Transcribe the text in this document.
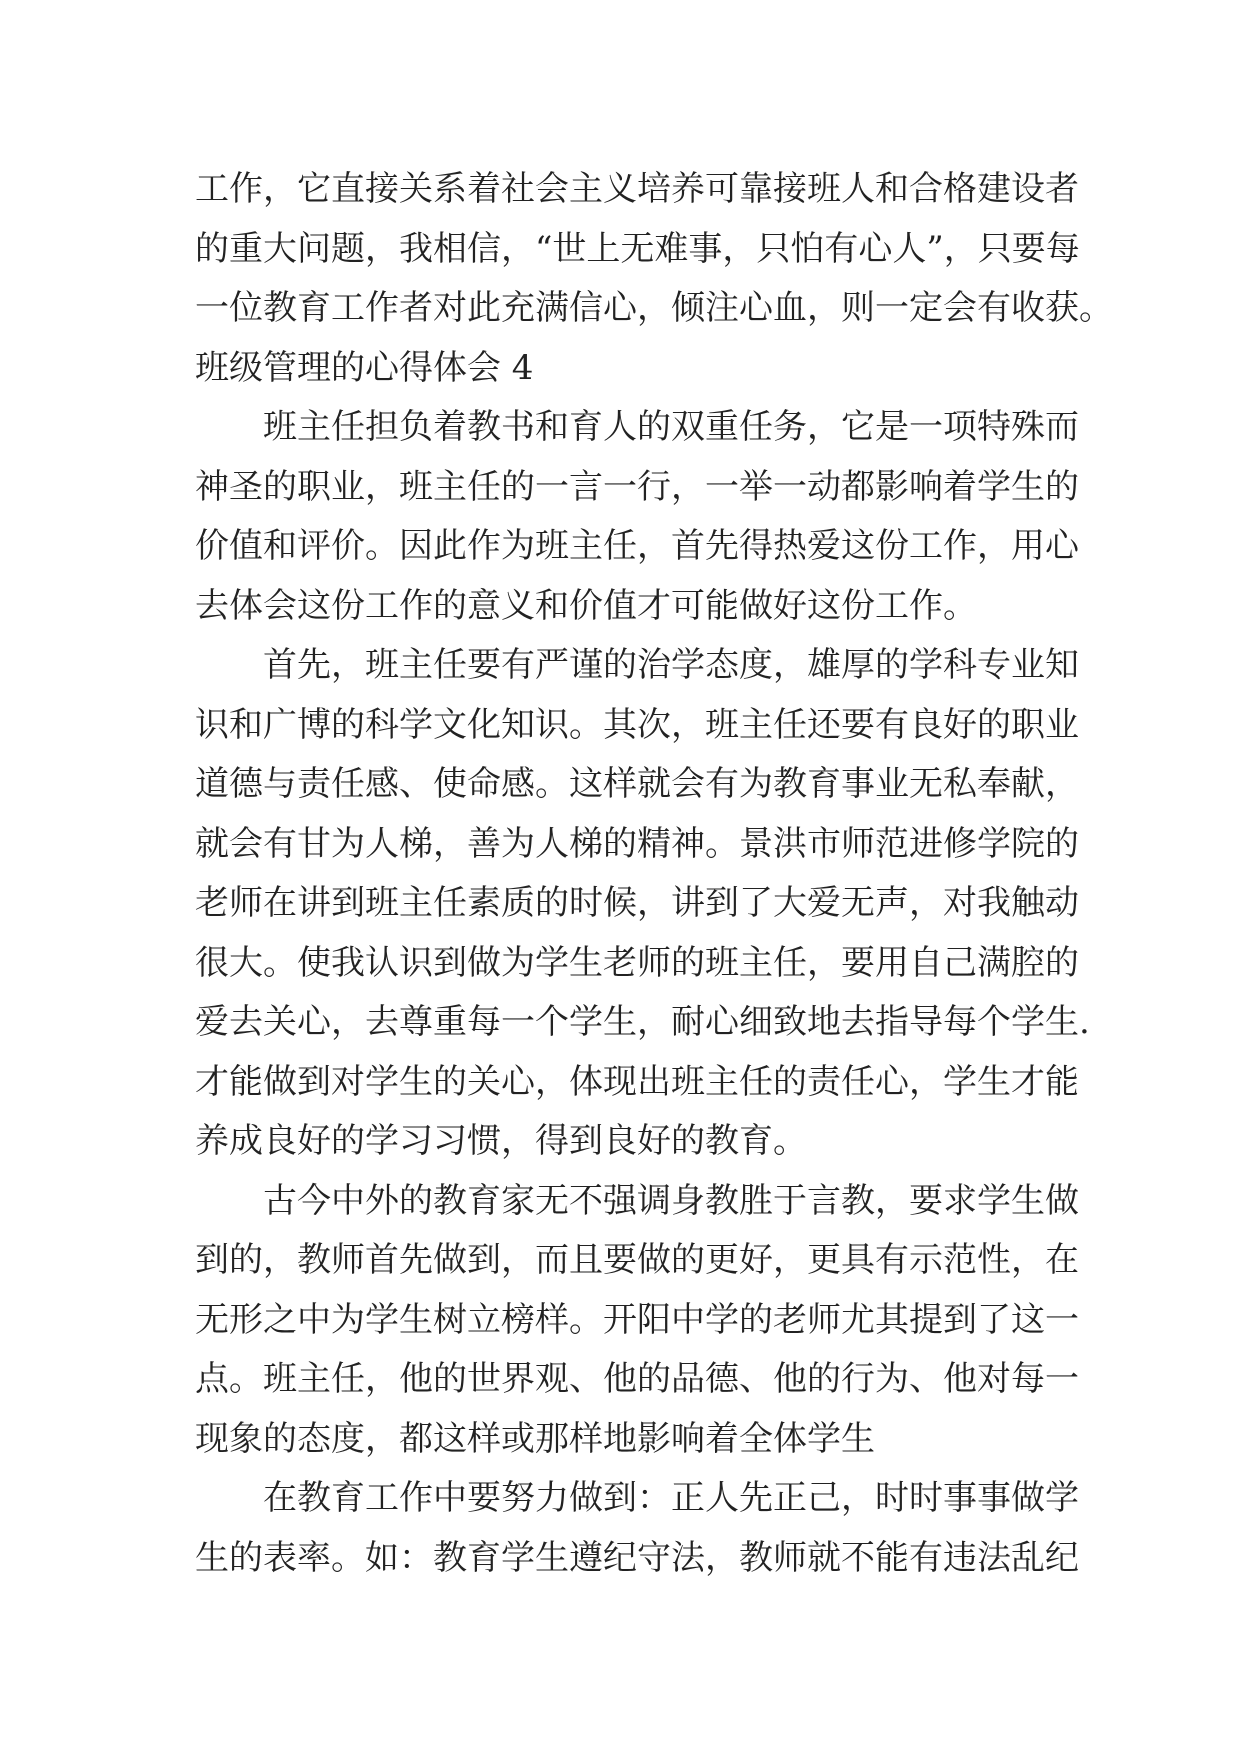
工作，它直接关系着社会主义培养可靠接班人和合格建设者
的重大问题，我相信，“世上无难事，只怕有心人”，只要每
一位教育工作者对此充满信心，倾注心血，则一定会有收获。
班级管理的心得体会 4
班主任担负着教书和育人的双重任务，它是一项特殊而
神圣的职业，班主任的一言一行，一举一动都影响着学生的
价值和评价。因此作为班主任，首先得热爱这份工作，用心
去体会这份工作的意义和价值才可能做好这份工作。
首先，班主任要有严谨的治学态度，雄厚的学科专业知
识和广博的科学文化知识。其次，班主任还要有良好的职业
道德与责任感、使命感。这样就会有为教育事业无私奉献，
就会有甘为人梯，善为人梯的精神。景洪市师范进修学院的
老师在讲到班主任素质的时候，讲到了大爱无声，对我触动
很大。使我认识到做为学生老师的班主任，要用自己满腔的
爱去关心，去尊重每一个学生，耐心细致地去指导每个学生.
才能做到对学生的关心，体现出班主任的责任心，学生才能
养成良好的学习习惯，得到良好的教育。
古今中外的教育家无不强调身教胜于言教，要求学生做
到的，教师首先做到，而且要做的更好，更具有示范性，在
无形之中为学生树立榜样。开阳中学的老师尤其提到了这一
点。班主任，他的世界观、他的品德、他的行为、他对每一
现象的态度，都这样或那样地影响着全体学生
在教育工作中要努力做到：正人先正己，时时事事做学
生的表率。如：教育学生遵纪守法，教师就不能有违法乱纪
